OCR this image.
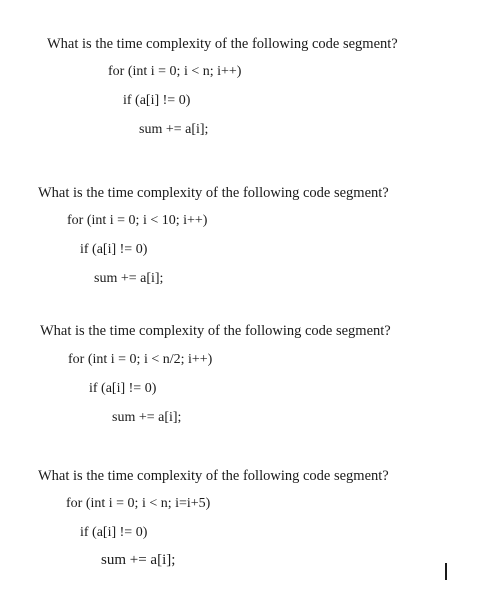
What is the time complexity of the following code segment?
for (int i = 0; i < n; i++)
if (a[i] != 0)
sum += a[i];
What is the time complexity of the following code segment?
for (int i = 0; i < 10; i++)
if (a[i] != 0)
sum += a[i];
What is the time complexity of the following code segment?
for (int i = 0; i < n/2; i++)
if (a[i] != 0)
sum += a[i];
What is the time complexity of the following code segment?
for (int i = 0; i < n; i=i+5)
if (a[i] != 0)
sum += a[i];
